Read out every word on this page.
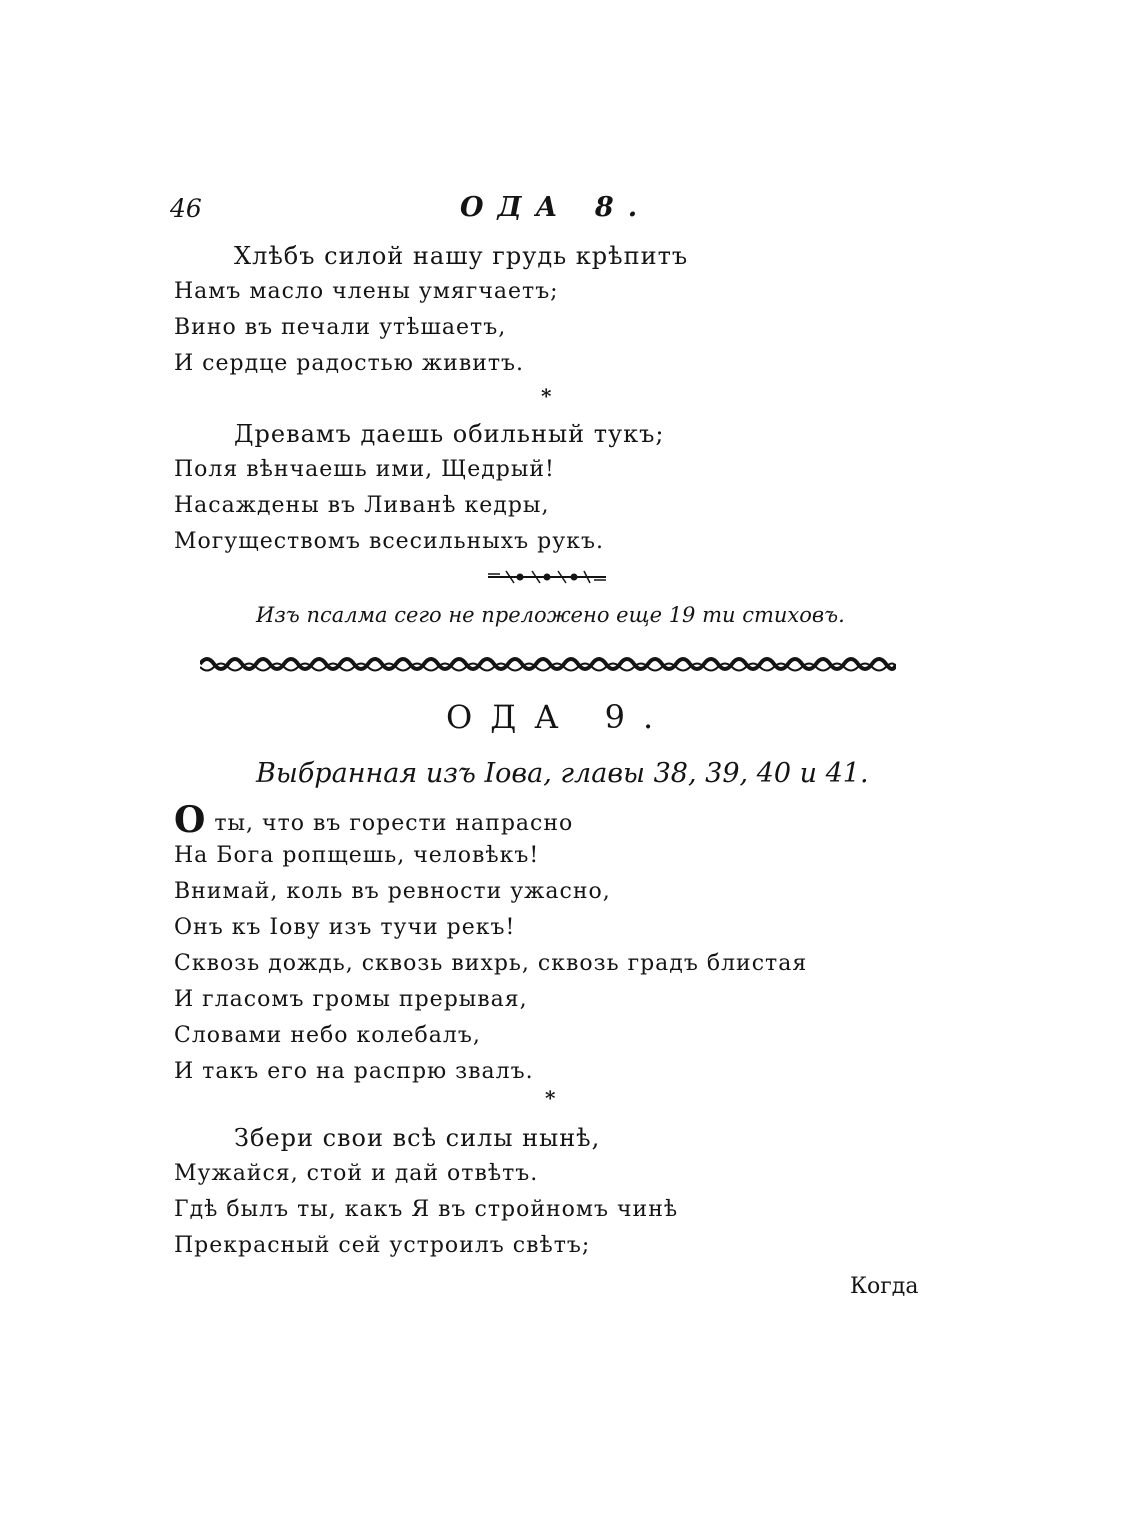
46	ОДА 8.
Хлѣбъ силой нашу грудь крѣпитъ
Намъ масло члены умягчаетъ;
Вино въ печали утѣшаетъ,
И сердце радостью живитъ.
*
Древамъ даешь обильный тукъ;
Поля вѣнчаешь ими, Щедрый!
Насаждены въ Ливанѣ кедры,
Могуществомъ всесильныхъ рукъ.
Изъ псалма сего не преложено еще 19 ти стиховъ.
ОДА 9.
Выбранная изъ Іова, главы 38, 39, 40 и 41.
Оты, что въ горести напрасно
На Бога ропщешь, человѣкъ!
Внимай, коль въ ревности ужасно,
Онъ къ Іову изъ тучи рекъ!
Сквозь дождь, сквозь вихрь, сквозь градъ блистая
И гласомъ громы прерывая,
Словами небо колебалъ,
И такъ его на распрю звалъ.
*
Збери свои всѣ силы нынѣ,
Мужайся, стой и дай отвѣтъ.
Гдѣ былъ ты, какъ Я въ стройномъ чинѣ
Прекрасный сей устроилъ свѣтъ;
Когда
